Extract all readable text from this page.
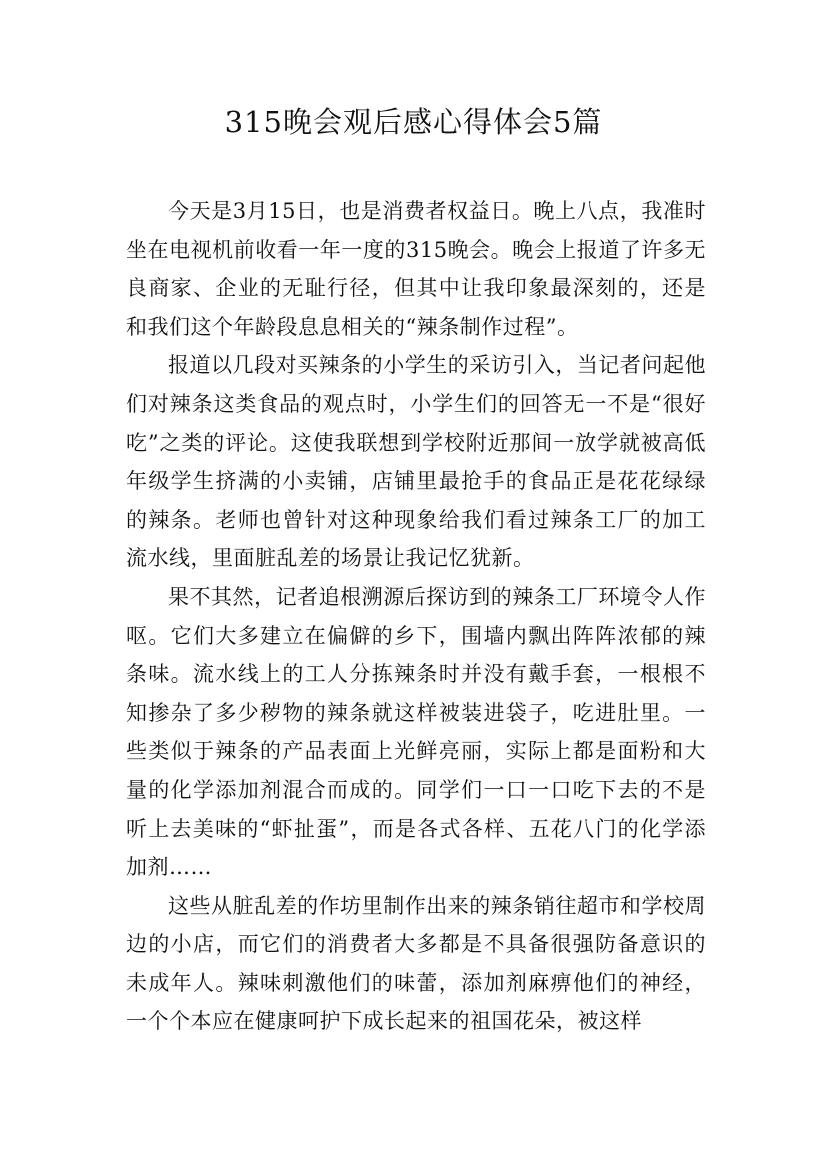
315晚会观后感心得体会5篇

今天是3月15日，也是消费者权益日。晚上八点，我准时坐在电视机前收看一年一度的315晚会。晚会上报道了许多无良商家、企业的无耻行径，但其中让我印象最深刻的，还是和我们这个年龄段息息相关的“辣条制作过程”。

报道以几段对买辣条的小学生的采访引入，当记者问起他们对辣条这类食品的观点时，小学生们的回答无一不是“很好吃”之类的评论。这使我联想到学校附近那间一放学就被高低年级学生挤满的小卖铺，店铺里最抢手的食品正是花花绿绿的辣条。老师也曾针对这种现象给我们看过辣条工厂的加工流水线，里面脏乱差的场景让我记忆犹新。

果不其然，记者追根溯源后探访到的辣条工厂环境令人作呕。它们大多建立在偏僻的乡下，围墙内飘出阵阵浓郁的辣条味。流水线上的工人分拣辣条时并没有戴手套，一根根不知掺杂了多少秽物的辣条就这样被装进袋子，吃进肚里。一些类似于辣条的产品表面上光鲜亮丽，实际上都是面粉和大量的化学添加剂混合而成的。同学们一口一口吃下去的不是听上去美味的“虾扯蛋”，而是各式各样、五花八门的化学添加剂……

这些从脏乱差的作坊里制作出来的辣条销往超市和学校周边的小店，而它们的消费者大多都是不具备很强防备意识的未成年人。辣味刺激他们的味蕾，添加剂麻痹他们的神经，一个个本应在健康呵护下成长起来的祖国花朵，被这样
